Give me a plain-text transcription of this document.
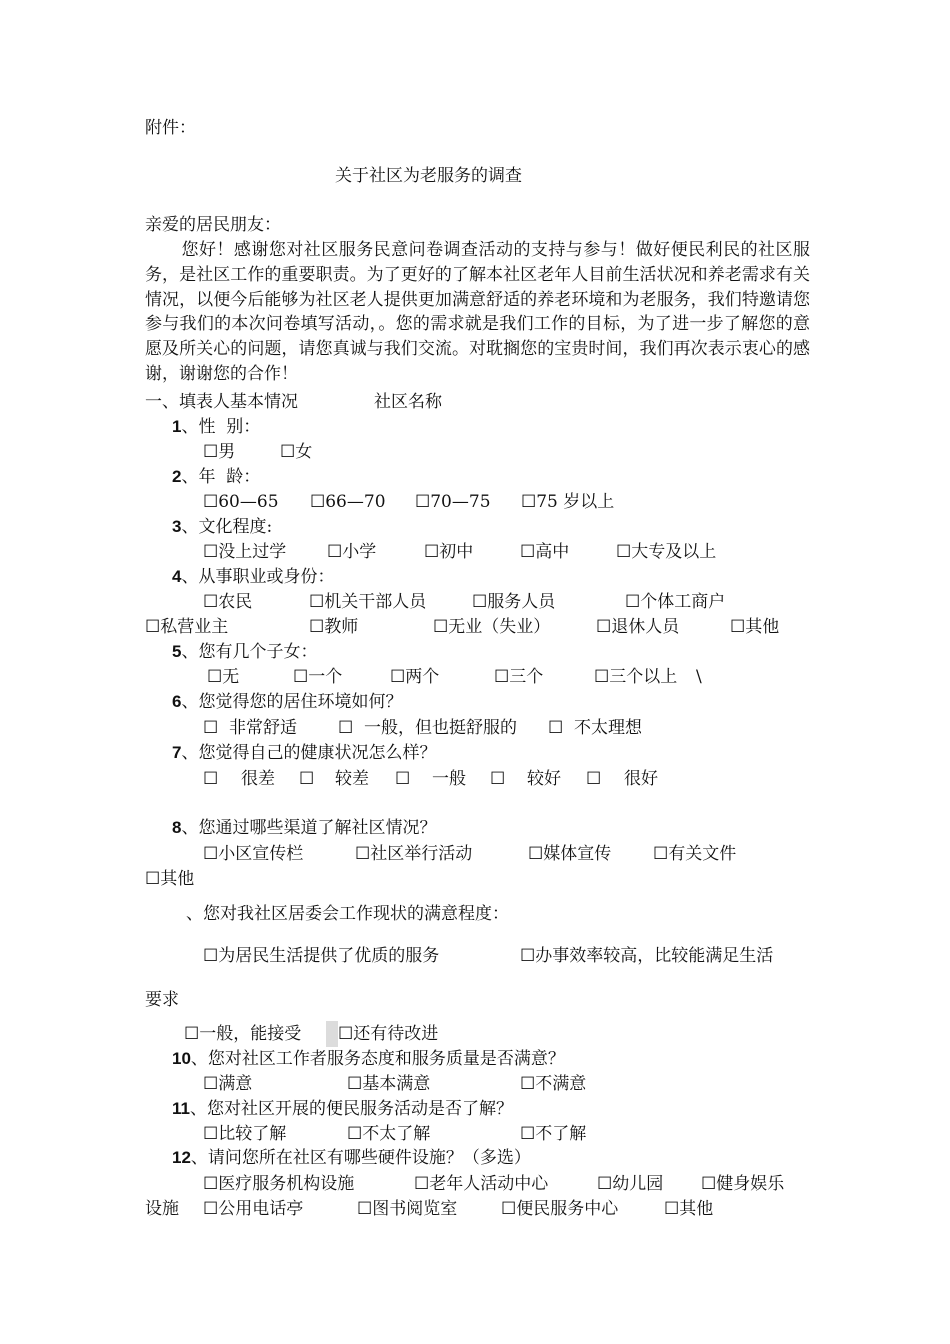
附件：
关于社区为老服务的调查
亲爱的居民朋友：
您好！感谢您对社区服务民意问卷调查活动的支持与参与！做好便民利民的社区服务，是社区工作的重要职责。为了更好的了解本社区老年人目前生活状况和养老需求有关情况，以便今后能够为社区老人提供更加满意舒适的养老环境和为老服务，我们特邀请您参与我们的本次问卷填写活动，。您的需求就是我们工作的目标，为了进一步了解您的意愿及所关心的问题，请您真诚与我们交流。对耽搁您的宝贵时间，我们再次表示衷心的感谢，谢谢您的合作！
一、填表人基本情况	社区名称
1、性  别：
☐男	☐女
2、年  龄：
☐60—65 ☐66—70 ☐70—75 ☐75 岁以上
3、文化程度:
☐没上过学 ☐小学	☐初中	☐高中	☐大专及以上
4、从事职业或身份：
☐农民	☐机关干部人员	☐服务人员	☐个体工商户
☐私营业主	☐教师	☐无业（失业）	☐退休人员	☐其他
5、您有几个子女：
☐无	☐一个	☐两个	☐三个	☐三个以上 \
6、您觉得您的居住环境如何？
☐  非常舒适 ☐  一般，但也挺舒服的 ☐  不太理想
7、您觉得自己的健康状况怎么样？
☐ 很差 ☐ 较差 ☐ 一般 ☐ 较好 ☐ 很好
8、您通过哪些渠道了解社区情况？
☐小区宣传栏	☐社区举行活动	☐媒体宣传 ☐有关文件
☐其他
、您对我社区居委会工作现状的满意程度：
☐为居民生活提供了优质的服务	☐办事效率较高，比较能满足生活
要求
☐一般，能接受 ☐还有待改进
10、您对社区工作者服务态度和服务质量是否满意？
☐满意	☐基本满意	☐不满意
11、您对社区开展的便民服务活动是否了解？
☐比较了解	☐不太了解	☐不了解
12、请问您所在社区有哪些硬件设施？（多选）
☐医疗服务机构设施	☐老年人活动中心	☐幼儿园 ☐健身娱乐
设施 ☐公用电话亭	☐图书阅览室	☐便民服务中心	☐其他
